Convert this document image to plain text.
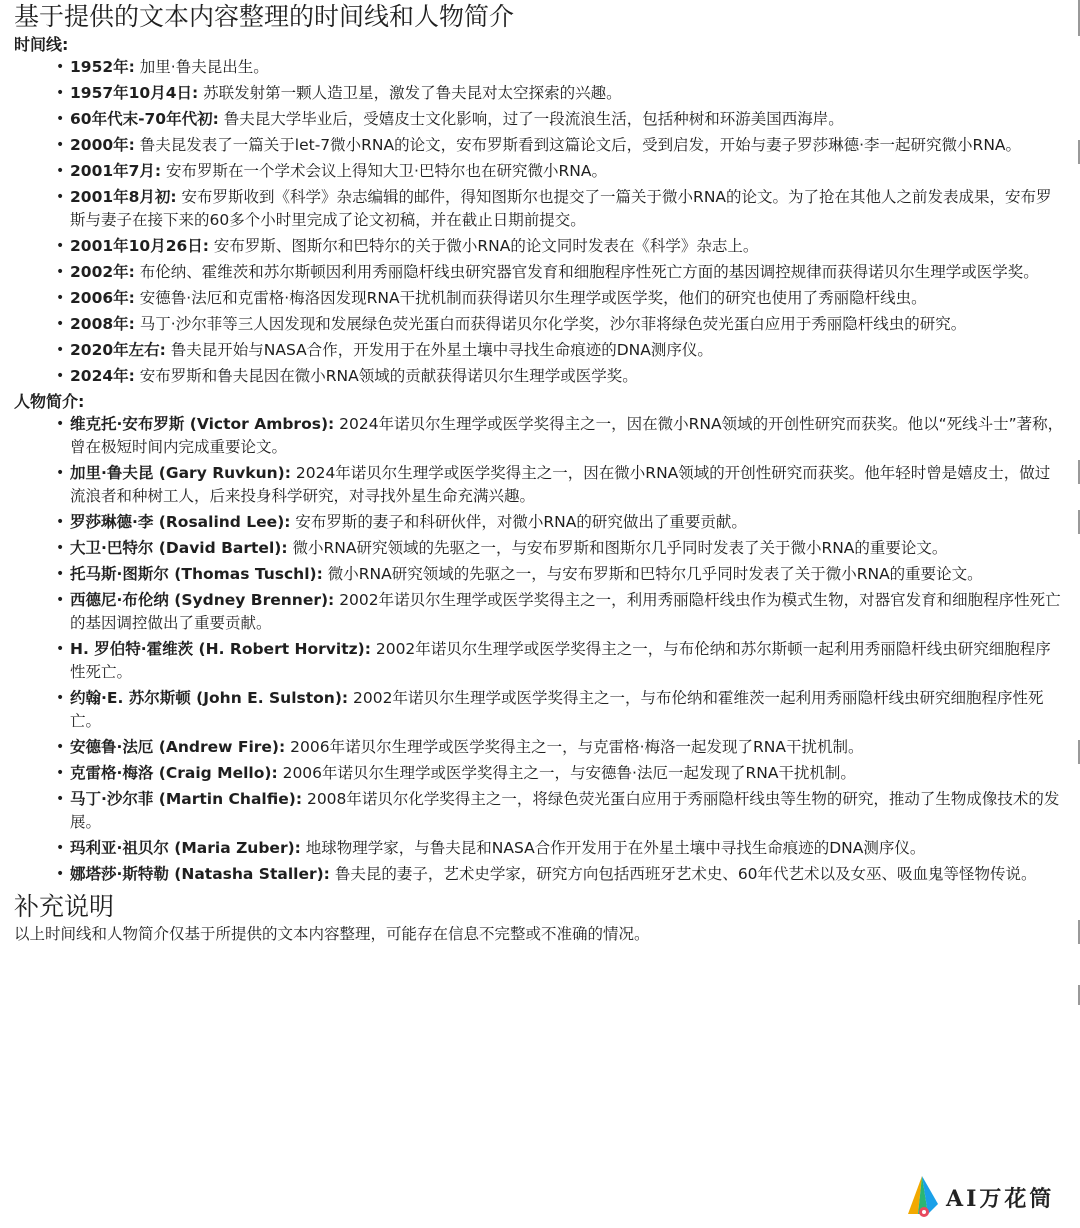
基于提供的文本内容整理的时间线和人物简介
时间线:
• 1952年: 加里·鲁夫昆出生。
• 1957年10月4日: 苏联发射第一颗人造卫星，激发了鲁夫昆对太空探索的兴趣。
• 60年代末-70年代初: 鲁夫昆大学毕业后，受嬉皮士文化影响，过了一段流浪生活，包括种树和环游美国西海岸。
• 2000年: 鲁夫昆发表了一篇关于let-7微小RNA的论文，安布罗斯看到这篇论文后，受到启发，开始与妻子罗莎琳德·李一起研究微小RNA。
• 2001年7月: 安布罗斯在一个学术会议上得知大卫·巴特尔也在研究微小RNA。
• 2001年8月初: 安布罗斯收到《科学》杂志编辑的邮件，得知图斯尔也提交了一篇关于微小RNA的论文。为了抢在其他人之前发表成果，安布罗斯与妻子在接下来的60多个小时里完成了论文初稿，并在截止日期前提交。
• 2001年10月26日: 安布罗斯、图斯尔和巴特尔的关于微小RNA的论文同时发表在《科学》杂志上。
• 2002年: 布伦纳、霍维茨和苏尔斯顿因利用秀丽隐杆线虫研究器官发育和细胞程序性死亡方面的基因调控规律而获得诺贝尔生理学或医学奖。
• 2006年: 安德鲁·法厄和克雷格·梅洛因发现RNA干扰机制而获得诺贝尔生理学或医学奖，他们的研究也使用了秀丽隐杆线虫。
• 2008年: 马丁·沙尔菲等三人因发现和发展绿色荧光蛋白而获得诺贝尔化学奖，沙尔菲将绿色荧光蛋白应用于秀丽隐杆线虫的研究。
• 2020年左右: 鲁夫昆开始与NASA合作，开发用于在外星土壤中寻找生命痕迹的DNA测序仪。
• 2024年: 安布罗斯和鲁夫昆因在微小RNA领域的贡献获得诺贝尔生理学或医学奖。
人物简介:
• 维克托·安布罗斯 (Victor Ambros): 2024年诺贝尔生理学或医学奖得主之一，因在微小RNA领域的开创性研究而获奖。他以“死线斗士”著称，曾在极短时间内完成重要论文。
• 加里·鲁夫昆 (Gary Ruvkun): 2024年诺贝尔生理学或医学奖得主之一，因在微小RNA领域的开创性研究而获奖。他年轻时曾是嬉皮士，做过流浪者和种树工人，后来投身科学研究，对寻找外星生命充满兴趣。
• 罗莎琳德·李 (Rosalind Lee): 安布罗斯的妻子和科研伙伴，对微小RNA的研究做出了重要贡献。
• 大卫·巴特尔 (David Bartel): 微小RNA研究领域的先驱之一，与安布罗斯和图斯尔几乎同时发表了关于微小RNA的重要论文。
• 托马斯·图斯尔 (Thomas Tuschl): 微小RNA研究领域的先驱之一，与安布罗斯和巴特尔几乎同时发表了关于微小RNA的重要论文。
• 西德尼·布伦纳 (Sydney Brenner): 2002年诺贝尔生理学或医学奖得主之一，利用秀丽隐杆线虫作为模式生物，对器官发育和细胞程序性死亡的基因调控做出了重要贡献。
• H. 罗伯特·霍维茨 (H. Robert Horvitz): 2002年诺贝尔生理学或医学奖得主之一，与布伦纳和苏尔斯顿一起利用秀丽隐杆线虫研究细胞程序性死亡。
• 约翰·E. 苏尔斯顿 (John E. Sulston): 2002年诺贝尔生理学或医学奖得主之一，与布伦纳和霍维茨一起利用秀丽隐杆线虫研究细胞程序性死亡。
• 安德鲁·法厄 (Andrew Fire): 2006年诺贝尔生理学或医学奖得主之一，与克雷格·梅洛一起发现了RNA干扰机制。
• 克雷格·梅洛 (Craig Mello): 2006年诺贝尔生理学或医学奖得主之一，与安德鲁·法厄一起发现了RNA干扰机制。
• 马丁·沙尔菲 (Martin Chalfie): 2008年诺贝尔化学奖得主之一，将绿色荧光蛋白应用于秀丽隐杆线虫等生物的研究，推动了生物成像技术的发展。
• 玛利亚·祖贝尔 (Maria Zuber): 地球物理学家，与鲁夫昆和NASA合作开发用于在外星土壤中寻找生命痕迹的DNA测序仪。
• 娜塔莎·斯特勒 (Natasha Staller): 鲁夫昆的妻子，艺术史学家，研究方向包括西班牙艺术史、60年代艺术以及女巫、吸血鬼等怪物传说。
补充说明

以上时间线和人物简介仅基于所提供的文本内容整理，可能存在信息不完整或不准确的情况。

AI万花筒
